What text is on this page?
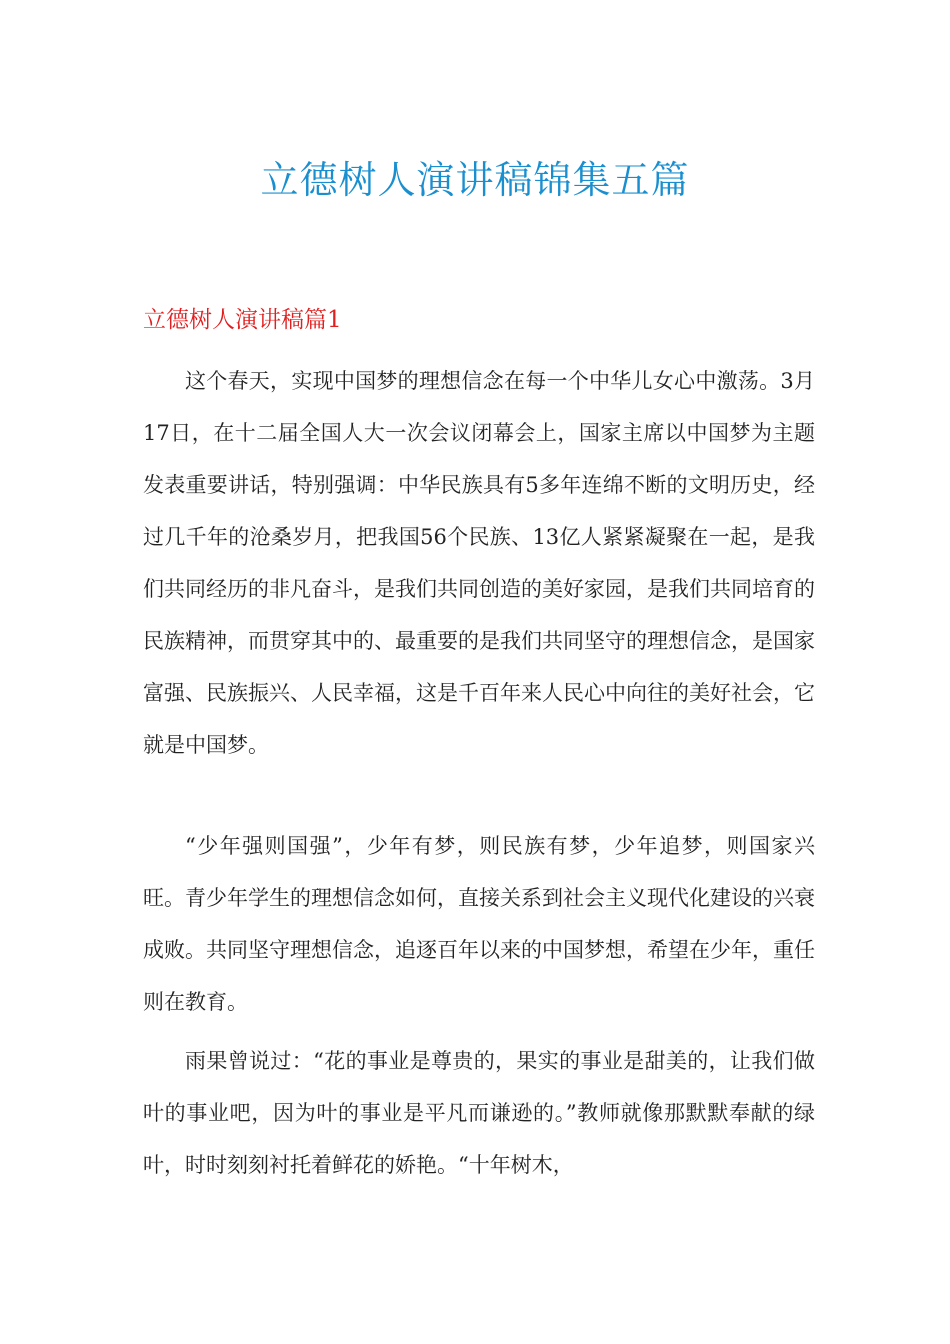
立德树人演讲稿锦集五篇
立德树人演讲稿篇1

这个春天，实现中国梦的理想信念在每一个中华儿女心中激荡。3月17日，在十二届全国人大一次会议闭幕会上，国家主席以中国梦为主题发表重要讲话，特别强调：中华民族具有5多年连绵不断的文明历史，经过几千年的沧桑岁月，把我国56个民族、13亿人紧紧凝聚在一起，是我们共同经历的非凡奋斗，是我们共同创造的美好家园，是我们共同培育的民族精神，而贯穿其中的、最重要的是我们共同坚守的理想信念，是国家富强、民族振兴、人民幸福，这是千百年来人民心中向往的美好社会，它就是中国梦。

“少年强则国强”，少年有梦，则民族有梦，少年追梦，则国家兴旺。青少年学生的理想信念如何，直接关系到社会主义现代化建设的兴衰成败。共同坚守理想信念，追逐百年以来的中国梦想，希望在少年，重任则在教育。

雨果曾说过：“花的事业是尊贵的，果实的事业是甜美的，让我们做叶的事业吧，因为叶的事业是平凡而谦逊的。”教师就像那默默奉献的绿叶，时时刻刻衬托着鲜花的娇艳。“十年树木，
